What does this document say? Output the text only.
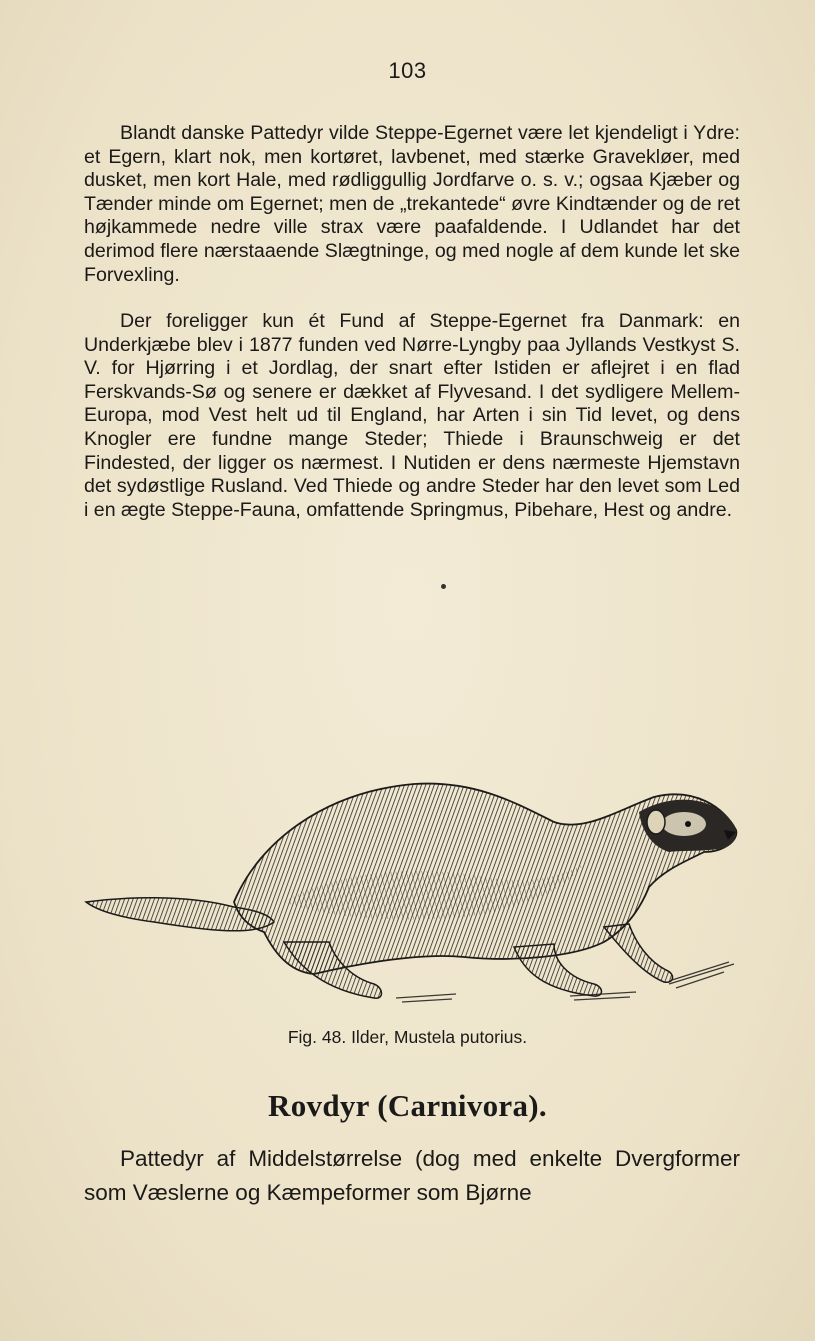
103

Blandt danske Pattedyr vilde Steppe-Egernet være let kjendeligt i Ydre: et Egern, klart nok, men kortøret, lavbenet, med stærke Gravekløer, med dusket, men kort Hale, med rødliggullig Jordfarve o. s. v.; ogsaa Kjæber og Tænder minde om Egernet; men de „trekantede“ øvre Kindtænder og de ret højkammede nedre ville strax være paafaldende. I Udlandet har det derimod flere nærstaaende Slægtninge, og med nogle af dem kunde let ske Forvexling.

Der foreligger kun ét Fund af Steppe-Egernet fra Danmark: en Underkjæbe blev i 1877 funden ved Nørre-Lyngby paa Jyllands Vestkyst S. V. for Hjørring i et Jordlag, der snart efter Istiden er aflejret i en flad Ferskvands-Sø og senere er dækket af Flyvesand. I det sydligere Mellem-Europa, mod Vest helt ud til England, har Arten i sin Tid levet, og dens Knogler ere fundne mange Steder; Thiede i Braunschweig er det Findested, der ligger os nærmest. I Nutiden er dens nærmeste Hjemstavn det sydøstlige Rusland. Ved Thiede og andre Steder har den levet som Led i en ægte Steppe-Fauna, omfattende Springmus, Pibehare, Hest og andre.

Fig. 48. Ilder, Mustela putorius.
Rovdyr (Carnivora).

Pattedyr af Middelstørrelse (dog med enkelte Dvergformer som Væslerne og Kæmpeformer som Bjørne
